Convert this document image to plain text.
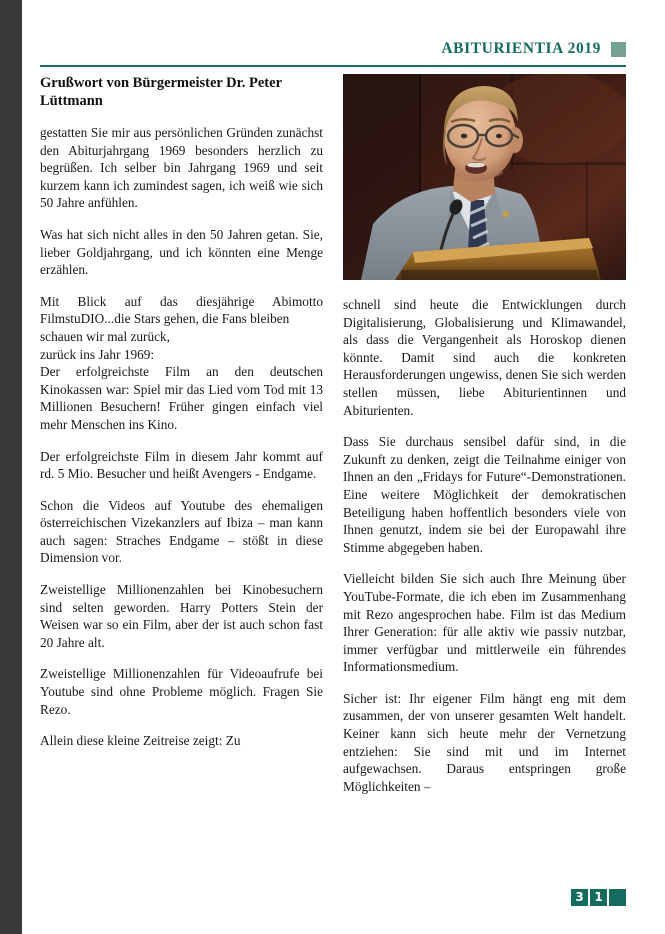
ABITURIENTIA 2019
Grußwort von Bürgermeister Dr. Peter Lüttmann

gestatten Sie mir aus persönlichen Gründen zunächst den Abiturjahrgang 1969 besonders herzlich zu begrüßen. Ich selber bin Jahrgang 1969 und seit kurzem kann ich zumindest sagen, ich weiß wie sich 50 Jahre anfühlen.

Was hat sich nicht alles in den 50 Jahren getan. Sie, lieber Goldjahrgang, und ich könnten eine Menge erzählen.

Mit Blick auf das diesjährige Abimotto FilmstuDIO...die Stars gehen, die Fans bleiben

schauen wir mal zurück,

zurück ins Jahr 1969:

Der erfolgreichste Film an den deutschen Kinokassen war: Spiel mir das Lied vom Tod mit 13 Millionen Besuchern! Früher gingen einfach viel mehr Menschen ins Kino.

Der erfolgreichste Film in diesem Jahr kommt auf rd. 5 Mio. Besucher und heißt Avengers - Endgame.

Schon die Videos auf Youtube des ehemaligen österreichischen Vizekanzlers auf Ibiza – man kann auch sagen: Straches Endgame – stößt in diese Dimension vor.

Zweistellige Millionenzahlen bei Kinobesuchern sind selten geworden. Harry Potters Stein der Weisen war so ein Film, aber der ist auch schon fast 20 Jahre alt.

Zweistellige Millionenzahlen für Videoaufrufe bei Youtube sind ohne Probleme möglich. Fragen Sie Rezo.

Allein diese kleine Zeitreise zeigt: Zu

schnell sind heute die Entwicklungen durch Digitalisierung, Globalisierung und Klimawandel, als dass die Vergangenheit als Horoskop dienen könnte. Damit sind auch die konkreten Herausforderungen ungewiss, denen Sie sich werden stellen müssen, liebe Abiturientinnen und Abiturienten.

Dass Sie durchaus sensibel dafür sind, in die Zukunft zu denken, zeigt die Teilnahme einiger von Ihnen an den „Fridays for Future“-Demonstrationen. Eine weitere Möglichkeit der demokratischen Beteiligung haben hoffentlich besonders viele von Ihnen genutzt, indem sie bei der Europawahl ihre Stimme abgegeben haben.

Vielleicht bilden Sie sich auch Ihre Meinung über YouTube-Formate, die ich eben im Zusammenhang mit Rezo angesprochen habe. Film ist das Medium Ihrer Generation: für alle aktiv wie passiv nutzbar, immer verfügbar und mittlerweile ein führendes Informationsmedium.

Sicher ist: Ihr eigener Film hängt eng mit dem zusammen, der von unserer gesamten Welt handelt. Keiner kann sich heute mehr der Vernetzung entziehen: Sie sind mit und im Internet aufgewachsen. Daraus entspringen große Möglichkeiten –

3 1
